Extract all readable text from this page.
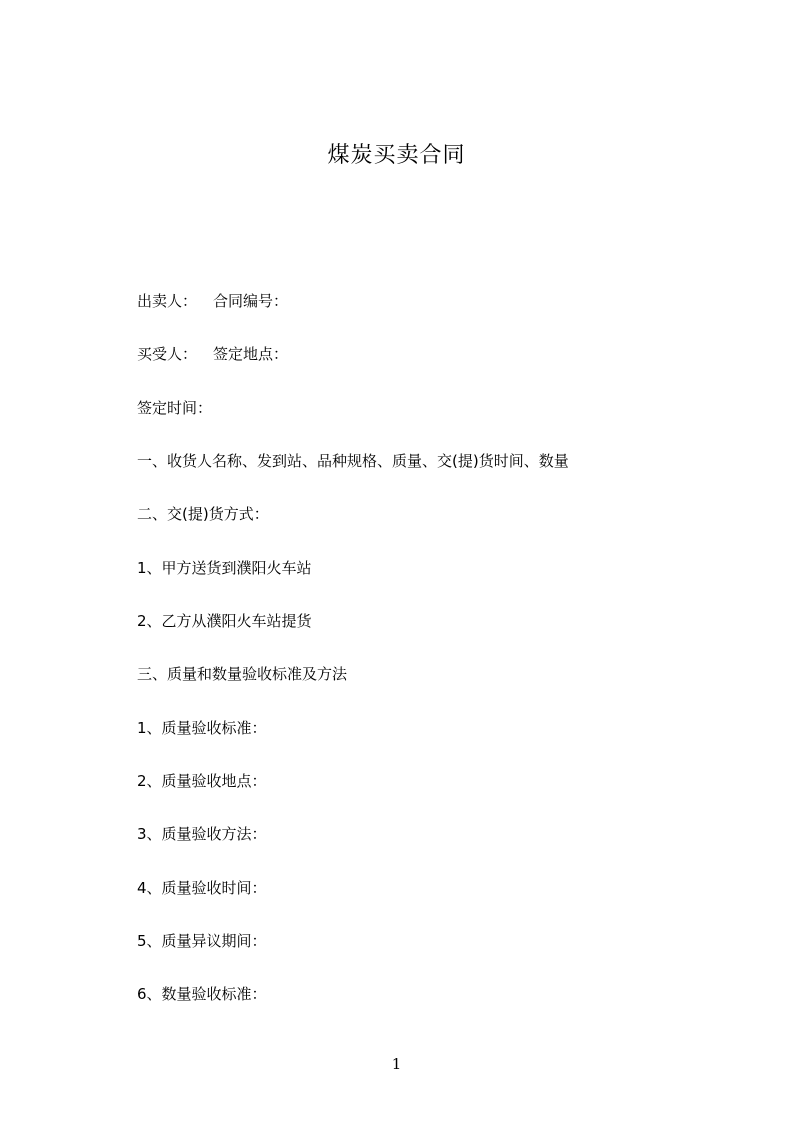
煤炭买卖合同
出卖人： 合同编号：
买受人： 签定地点：
签定时间：
一、收货人名称、发到站、品种规格、质量、交(提)货时间、数量
二、交(提)货方式：
1、甲方送货到濮阳火车站
2、乙方从濮阳火车站提货
三、质量和数量验收标准及方法
1、质量验收标准：
2、质量验收地点：
3、质量验收方法：
4、质量验收时间：
5、质量异议期间：
6、数量验收标准：
1
